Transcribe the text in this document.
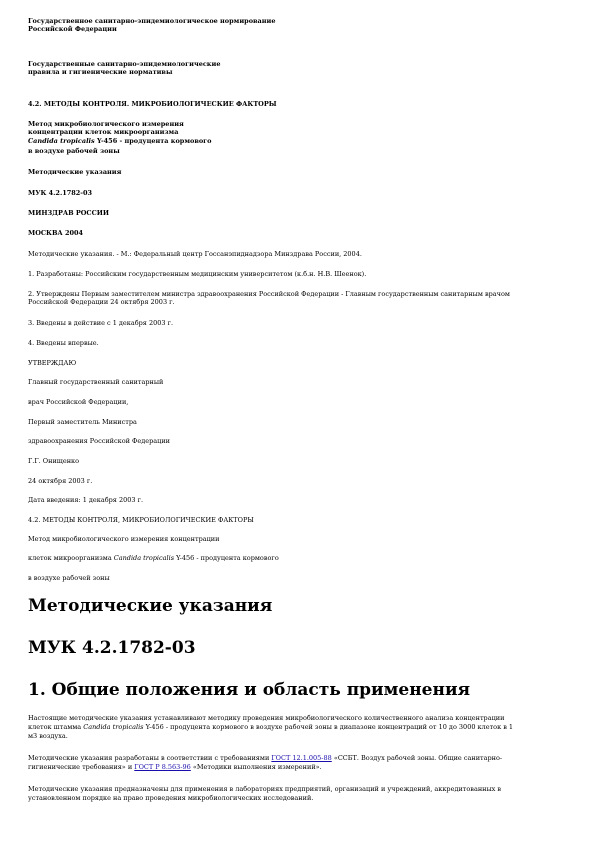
Государственное санитарно-эпидемиологическое нормирование
Российской Федерации
Государственные санитарно-эпидемиологические
правила и гигиенические нормативы
4.2. МЕТОДЫ КОНТРОЛЯ. МИКРОБИОЛОГИЧЕСКИЕ ФАКТОРЫ
Метод микробиологического измерения
концентрации клеток микроорганизма
Candida tropicalis Y-456 - продуцента кормового
в воздухе рабочей зоны
Методические указания
МУК 4.2.1782-03
МИНЗДРАВ РОССИИ
МОСКВА 2004
Методические указания. - М.: Федеральный центр Госсанэпиднадзора Минздрава России, 2004.
1. Разработаны: Российским государственным медицинским университетом (к.б.н. Н.В. Шеенок).
2. Утверждены Первым заместителем министра здравоохранения Российской Федерации - Главным государственным санитарным врачом
Российской Федерации 24 октября 2003 г.
3. Введены в действие с 1 декабря 2003 г.
4. Введены впервые.
УТВЕРЖДАЮ
Главный государственный санитарный
врач Российской Федерации,
Первый заместитель Министра
здравоохранения Российской Федерации
Г.Г. Онищенко
24 октября 2003 г.
Дата введения: 1 декабря 2003 г.
4.2. МЕТОДЫ КОНТРОЛЯ, МИКРОБИОЛОГИЧЕСКИЕ ФАКТОРЫ
Метод микробиологического измерения концентрации
клеток микроорганизма Candida tropicalis Y-456 - продуцента кормового
в воздухе рабочей зоны
Методические указания
МУК 4.2.1782-03
1. Общие положения и область применения
Настоящие методические указания устанавливают методику проведения микробиологического количественного анализа концентрации
клеток штамма Candida tropicalis Y-456 - продуцента кормового в воздухе рабочей зоны в диапазоне концентраций от 10 до 3000 клеток в 1
м3 воздуха.
Методические указания разработаны в соответствии с требованиями ГОСТ 12.1.005-88 «ССБТ. Воздух рабочей зоны. Общие санитарно-
гигиенические требования» и ГОСТ Р 8.563-96 «Методики выполнения измерений».
Методические указания предназначены для применения в лабораториях предприятий, организаций и учреждений, аккредитованных в
установленном порядке на право проведения микробиологических исследований.
